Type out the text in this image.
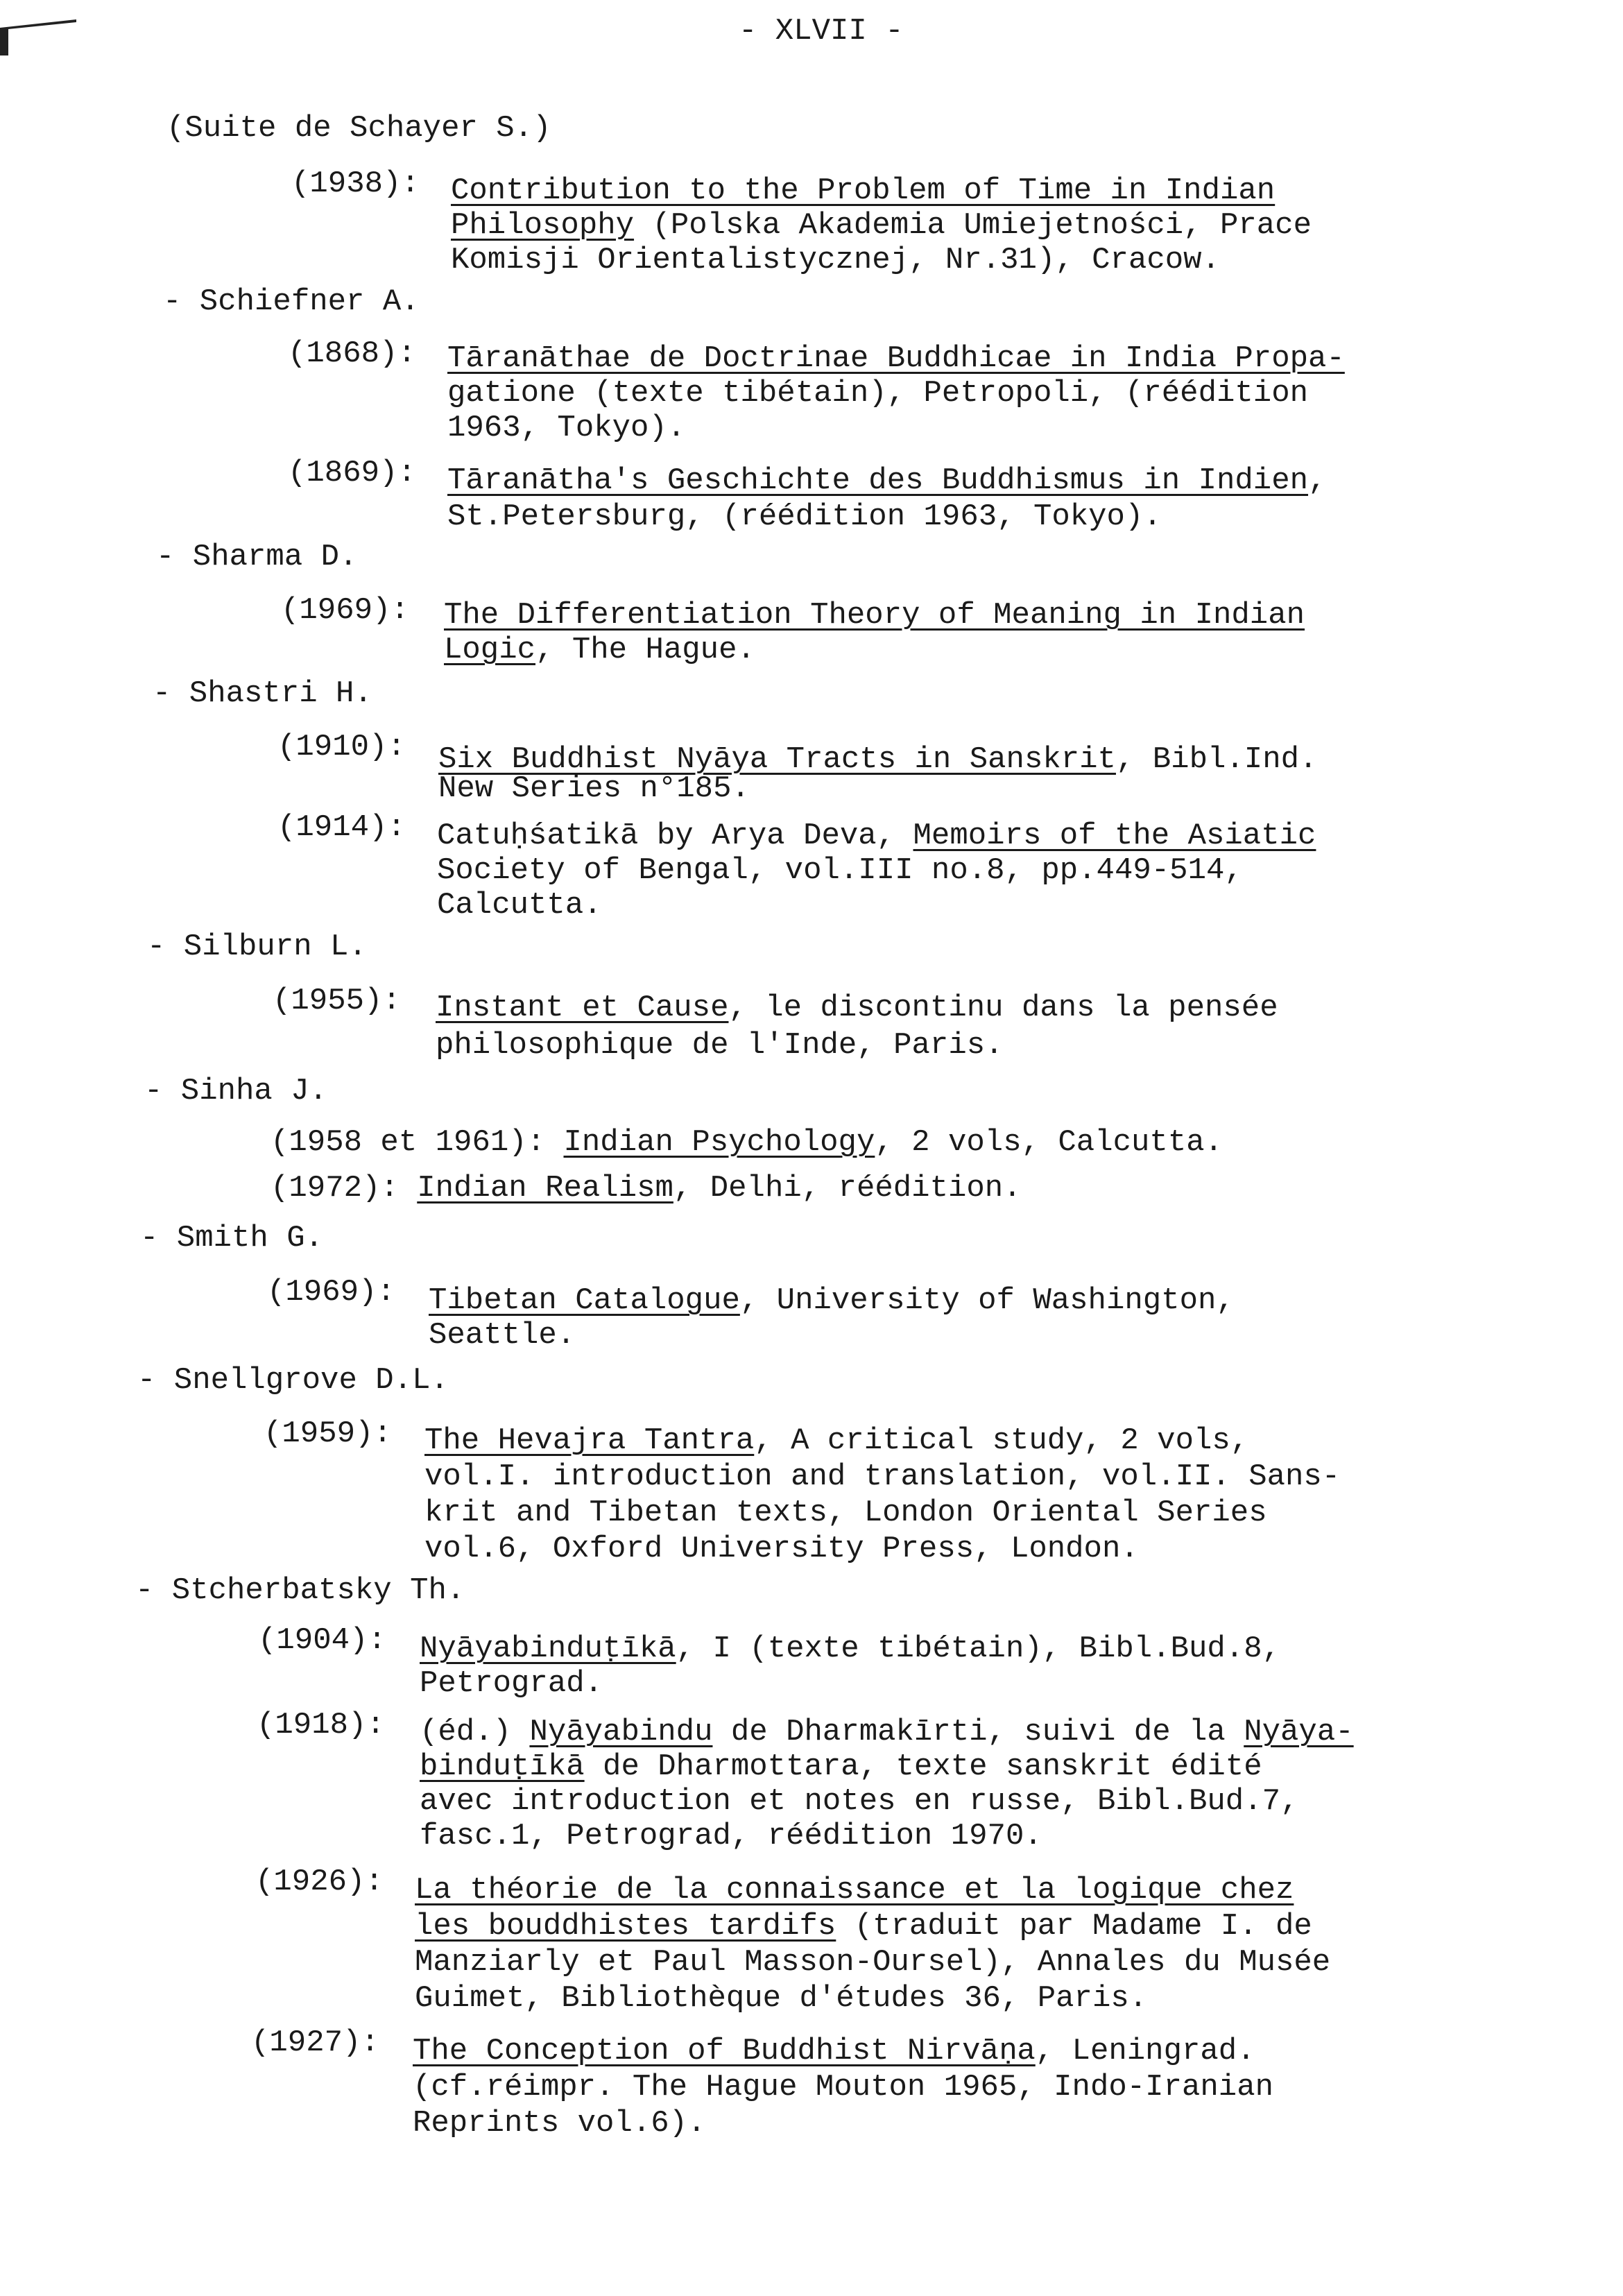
- XLVII -
(Suite de Schayer S.)
(1938): Contribution to the Problem of Time in Indian
Philosophy (Polska Akademia Umiejetności, Prace
Komisji Orientalistycznej, Nr.31), Cracow.
- Schiefner A.
(1868): Tāranāthae de Doctrinae Buddhicae in India Propa-
gatione (texte tibétain), Petropoli, (réédition
1963, Tokyo).
(1869): Tāranātha's Geschichte des Buddhismus in Indien,
St.Petersburg, (réédition 1963, Tokyo).
- Sharma D.
(1969): The Differentiation Theory of Meaning in Indian
Logic, The Hague.
- Shastri H.
(1910): Six Buddhist Nyāya Tracts in Sanskrit, Bibl.Ind.
New Series n°185.
(1914): Catuḥśatikā by Arya Deva, Memoirs of the Asiatic
Society of Bengal, vol.III no.8, pp.449-514,
Calcutta.
- Silburn L.
(1955): Instant et Cause, le discontinu dans la pensée
philosophique de l'Inde, Paris.
- Sinha J.
(1958 et 1961): Indian Psychology, 2 vols, Calcutta.
(1972): Indian Realism, Delhi, réédition.
- Smith G.
(1969): Tibetan Catalogue, University of Washington,
Seattle.
- Snellgrove D.L.
(1959): The Hevajra Tantra, A critical study, 2 vols,
vol.I. introduction and translation, vol.II. Sans-
krit and Tibetan texts, London Oriental Series
vol.6, Oxford University Press, London.
- Stcherbatsky Th.
(1904): Nyāyabinduṭīkā, I (texte tibétain), Bibl.Bud.8,
Petrograd.
(1918): (éd.) Nyāyabindu de Dharmakīrti, suivi de la Nyāya-
binduṭīkā de Dharmottara, texte sanskrit édité
avec introduction et notes en russe, Bibl.Bud.7,
fasc.1, Petrograd, réédition 1970.
(1926): La théorie de la connaissance et la logique chez
les bouddhistes tardifs (traduit par Madame I. de
Manziarly et Paul Masson-Oursel), Annales du Musée
Guimet, Bibliothèque d'études 36, Paris.
(1927): The Conception of Buddhist Nirvāṇa, Leningrad.
(cf.réimpr. The Hague Mouton 1965, Indo-Iranian
Reprints vol.6).
